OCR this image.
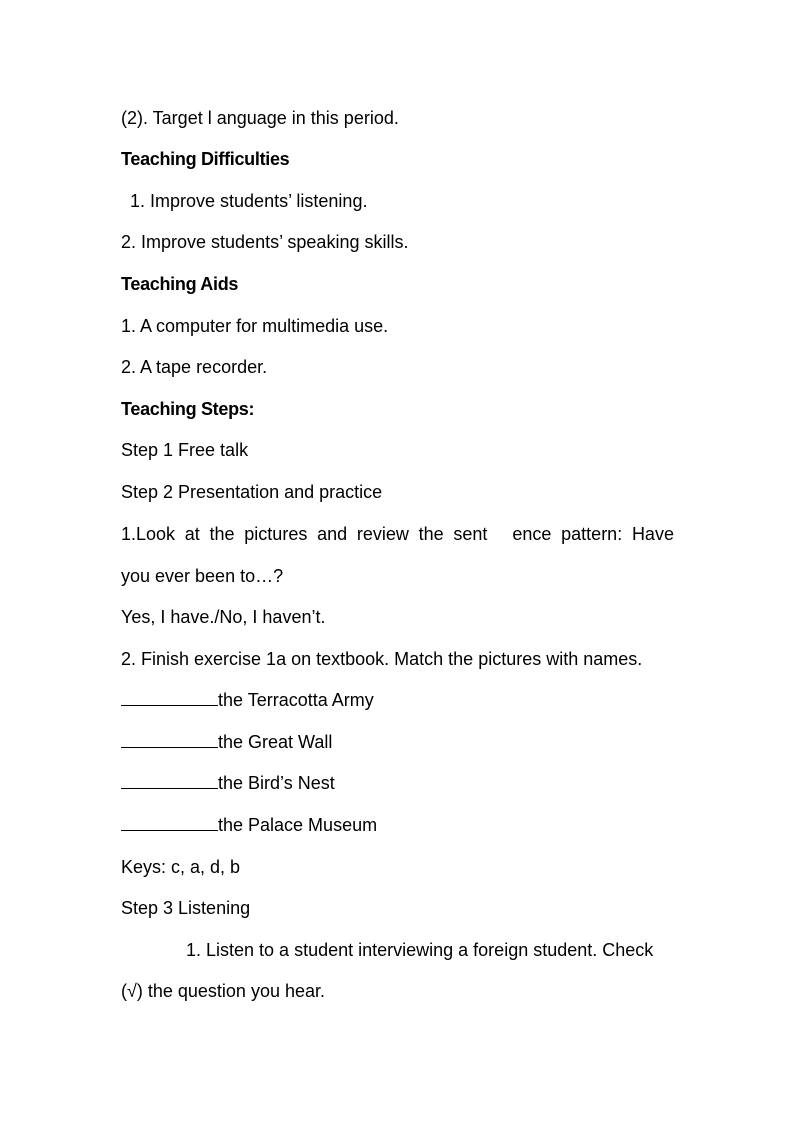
(2). Target l anguage in this period.
Teaching Difficulties
1. Improve students’ listening.
2. Improve students’ speaking skills.
Teaching Aids
1. A computer for multimedia use.
2. A tape recorder.
Teaching Steps:
Step 1 Free talk
Step 2 Presentation and practice
1.Look at the pictures and review the sent     ence pattern: Have
you ever been to…?
Yes, I have./No, I haven’t.
2. Finish exercise 1a on textbook. Match the pictures with names.
the Terracotta Army
the Great Wall
the Bird’s Nest
the Palace Museum
Keys: c, a, d, b
Step 3 Listening
1. Listen to a student interviewing a foreign student. Check
(√) the question you hear.
